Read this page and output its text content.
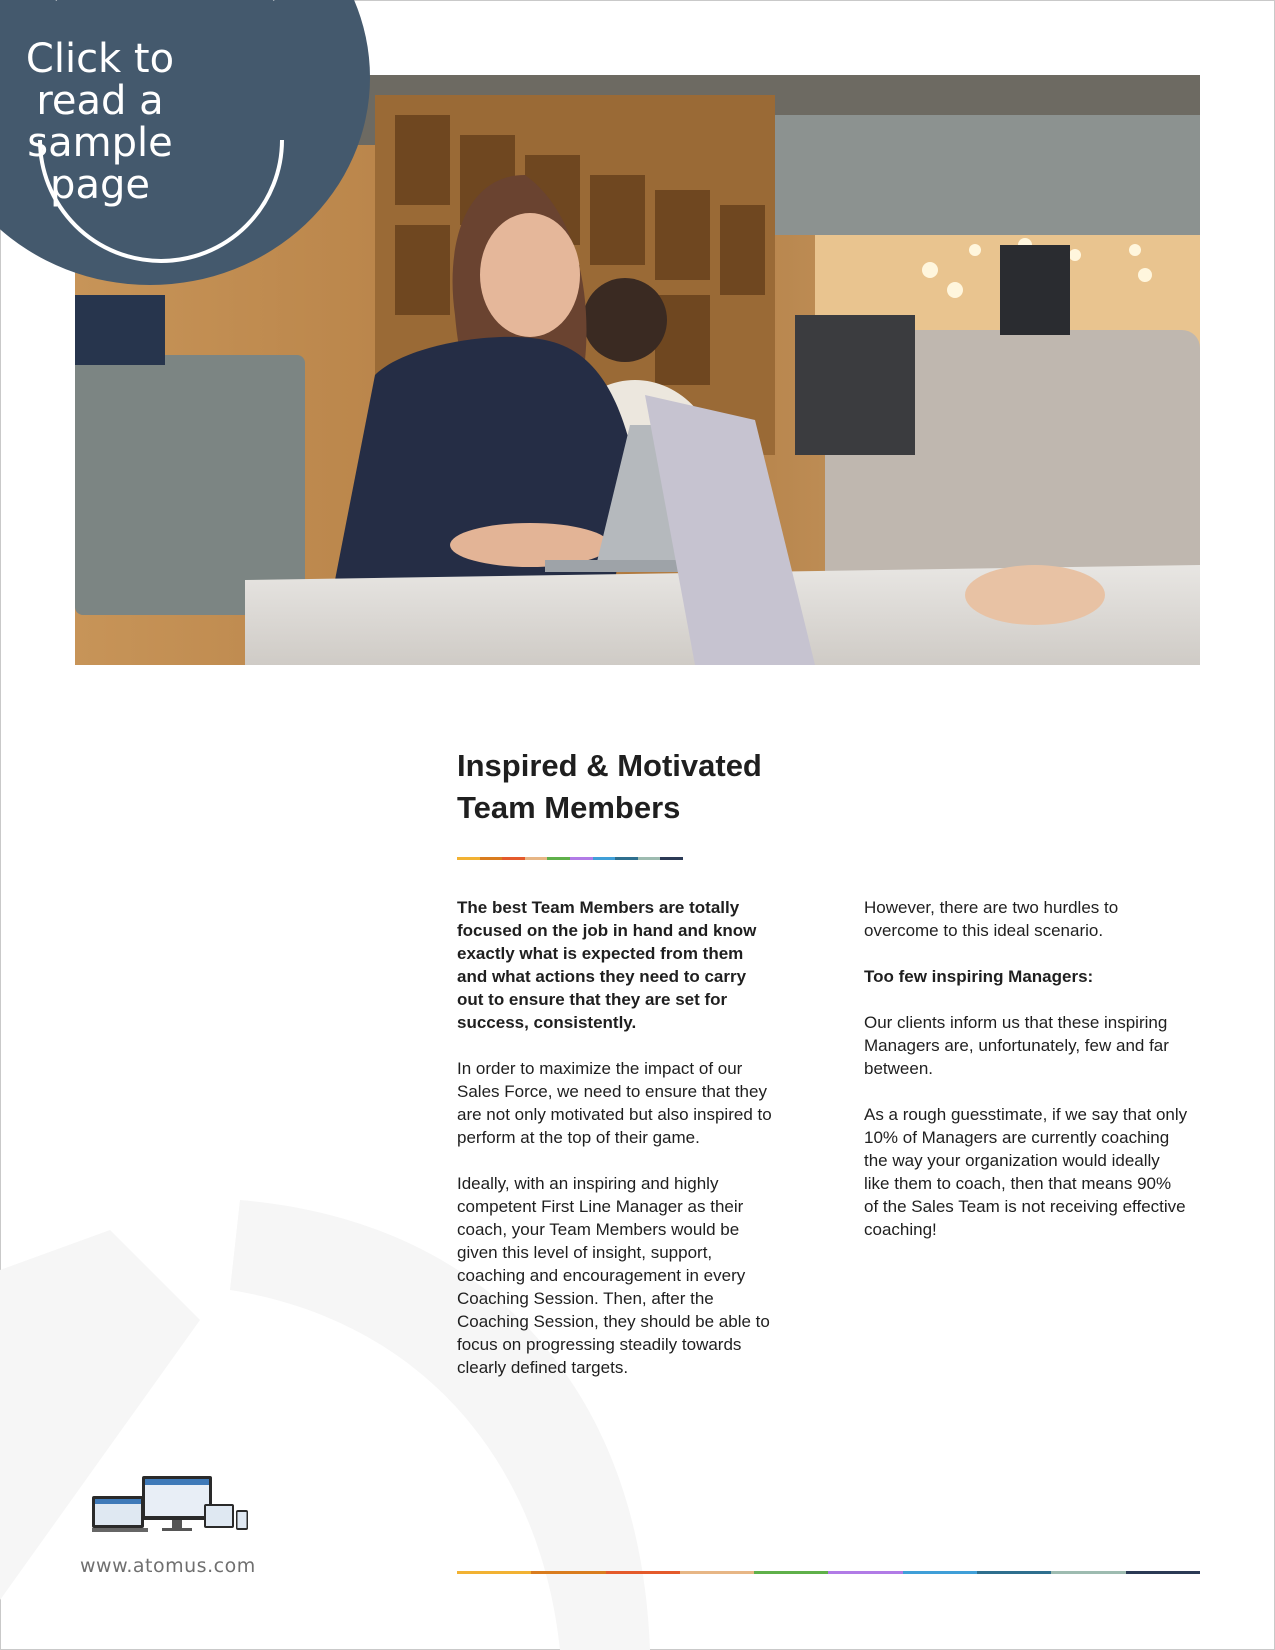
Click to read a
sample page
Inspired & Motivated
Team Members

The best Team Members are totally focused on the job in hand and know exactly what is expected from them and what actions they need to carry out to ensure that they are set for success, consistently.

In order to maximize the impact of our Sales Force, we need to ensure that they are not only motivated but also inspired to perform at the top of their game.

Ideally, with an inspiring and highly competent First Line Manager as their coach, your Team Members would be given this level of insight, support, coaching and encouragement in every Coaching Session. Then, after the Coaching Session, they should be able to focus on progressing steadily towards clearly defined targets.

However, there are two hurdles to overcome to this ideal scenario.

Too few inspiring Managers:

Our clients inform us that these inspiring Managers are, unfortunately, few and far between.

As a rough guesstimate, if we say that only 10% of Managers are currently coaching the way your organization would ideally like them to coach, then that means 90% of the Sales Team is not receiving effective coaching!

www.atomus.com
